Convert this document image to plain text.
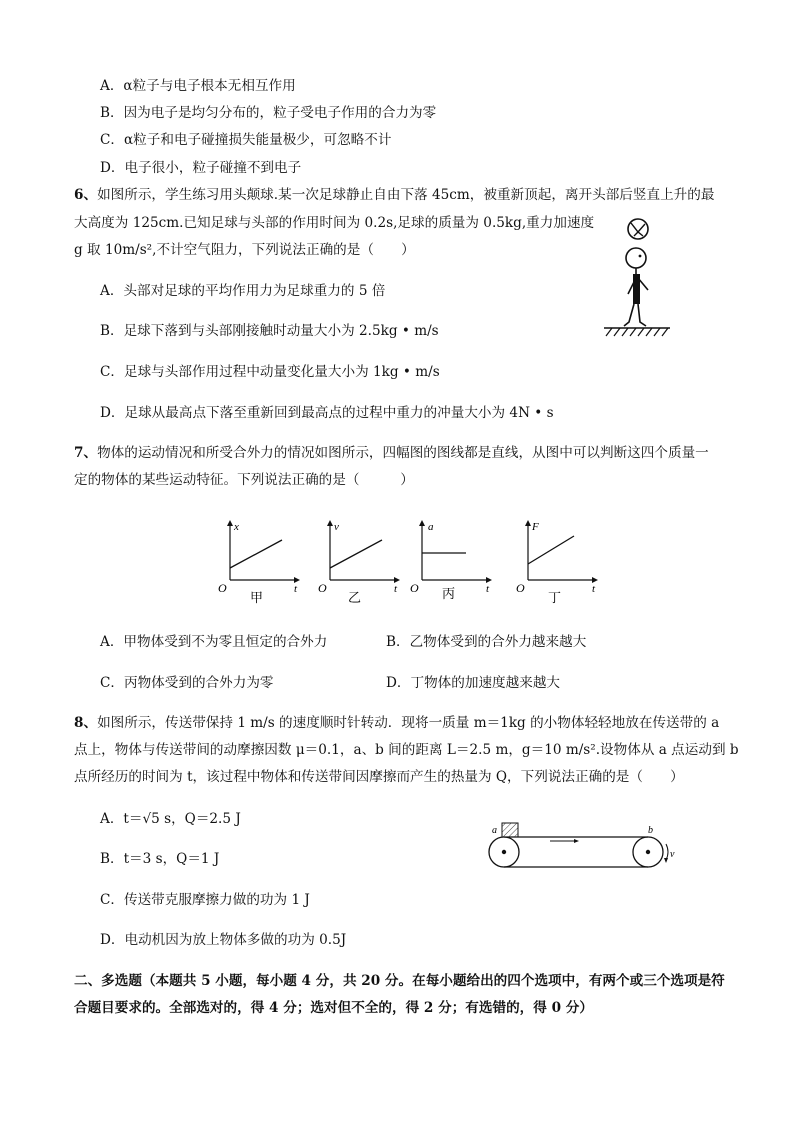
A．α粒子与电子根本无相互作用
B．因为电子是均匀分布的，粒子受电子作用的合力为零
C．α粒子和电子碰撞损失能量极少，可忽略不计
D．电子很小，粒子碰撞不到电子
6、如图所示，学生练习用头颠球.某一次足球静止自由下落 45cm，被重新顶起，离开头部后竖直上升的最
大高度为 125cm.已知足球与头部的作用时间为 0.2s,足球的质量为 0.5kg,重力加速度
g 取 10m/s²,不计空气阻力，下列说法正确的是（　　）
A．头部对足球的平均作用力为足球重力的 5 倍
B．足球下落到与头部刚接触时动量大小为 2.5kg • m/s
C．足球与头部作用过程中动量变化量大小为 1kg • m/s
D．足球从最高点下落至重新回到最高点的过程中重力的冲量大小为 4N • s
7、物体的运动情况和所受合外力的情况如图所示，四幅图的图线都是直线，从图中可以判断这四个质量一
定的物体的某些运动特征。下列说法正确的是（　　　）
x
t
O
甲
v
t
O
乙
a
t
O 丙
F
t
O
丁
A．甲物体受到不为零且恒定的合外力	B．乙物体受到的合外力越来越大
C．丙物体受到的合外力为零	D．丁物体的加速度越来越大
8、如图所示，传送带保持 1 m/s 的速度顺时针转动．现将一质量 m＝1kg 的小物体轻轻地放在传送带的 a
点上，物体与传送带间的动摩擦因数 μ＝0.1，a、b 间的距离 L＝2.5 m，g＝10 m/s².设物体从 a 点运动到 b
点所经历的时间为 t，该过程中物体和传送带间因摩擦而产生的热量为 Q，下列说法正确的是（　　）
A．t＝√5 s，Q＝2.5 J
B．t＝3 s，Q＝1 J
C．传送带克服摩擦力做的功为 1 J
D．电动机因为放上物体多做的功为 0.5J
a	b
v
二、多选题（本题共 5 小题，每小题 4 分，共 20 分。在每小题给出的四个选项中，有两个或三个选项是符
合题目要求的。全部选对的，得 4 分；选对但不全的，得 2 分；有选错的，得 0 分）
